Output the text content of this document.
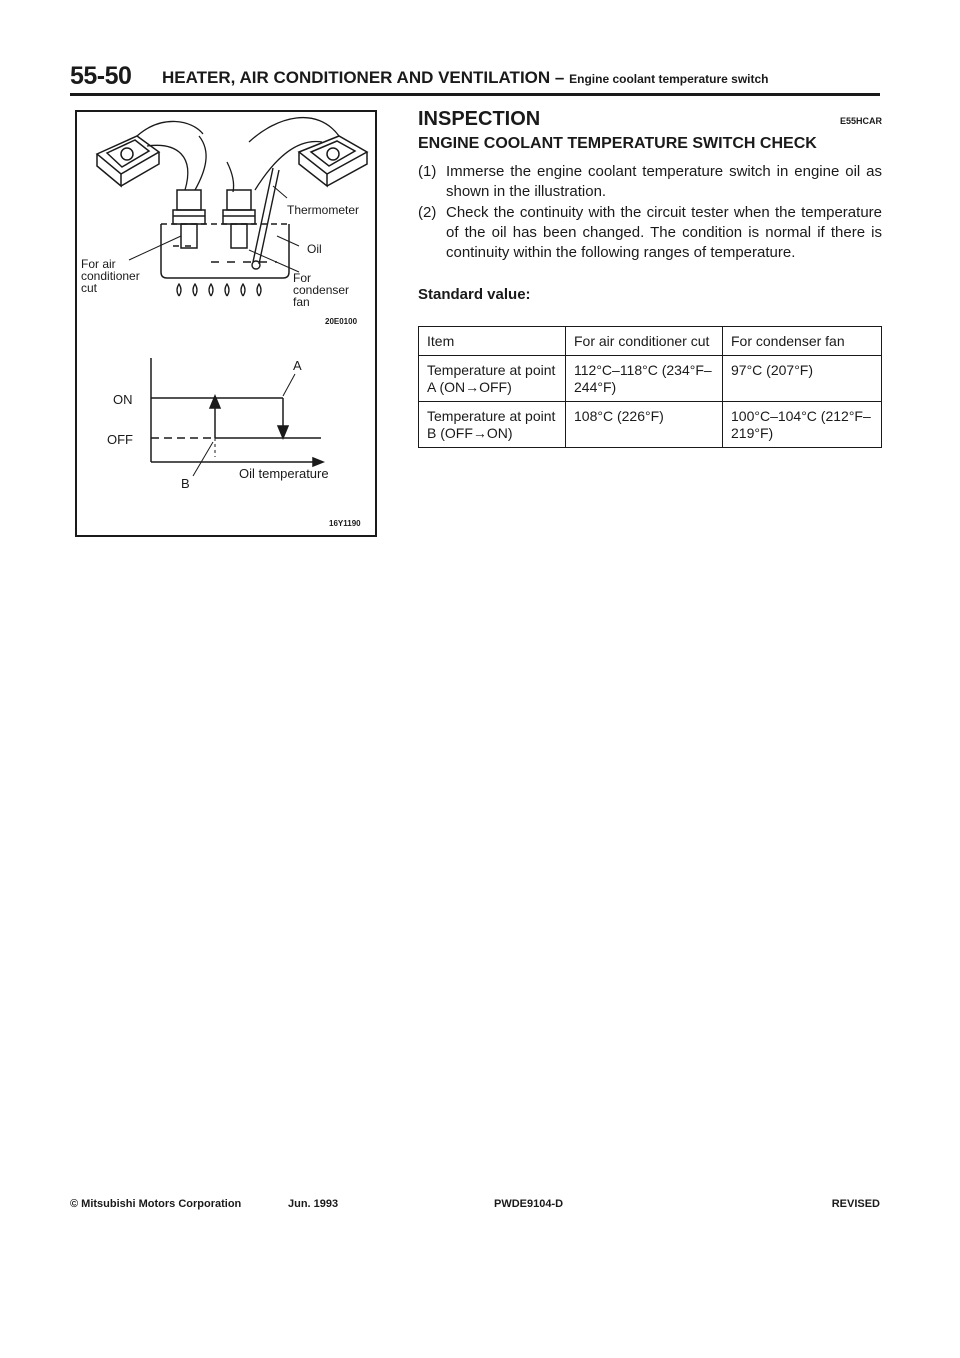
55-50 HEATER, AIR CONDITIONER AND VENTILATION – Engine coolant temperature switch
Thermometer
Oil
For air
conditioner
cut
For
condenser
fan
20E0100
ON
OFF
A
B
Oil temperature
16Y1190
INSPECTION	E55HCAR
ENGINE COOLANT TEMPERATURE SWITCH CHECK
(1) Immerse the engine coolant temperature switch in engine oil as shown in the illustration.
(2) Check the continuity with the circuit tester when the temperature of the oil has been changed. The condition is normal if there is continuity within the following ranges of temperature.
Standard value:
Item	For air conditioner cut	For condenser fan
Temperature at point A (ON→OFF)	112°C–118°C (234°F–244°F)	97°C (207°F)
Temperature at point B (OFF→ON)	108°C (226°F)	100°C–104°C (212°F–219°F)
© Mitsubishi Motors Corporation	Jun. 1993	PWDE9104-D	REVISED
